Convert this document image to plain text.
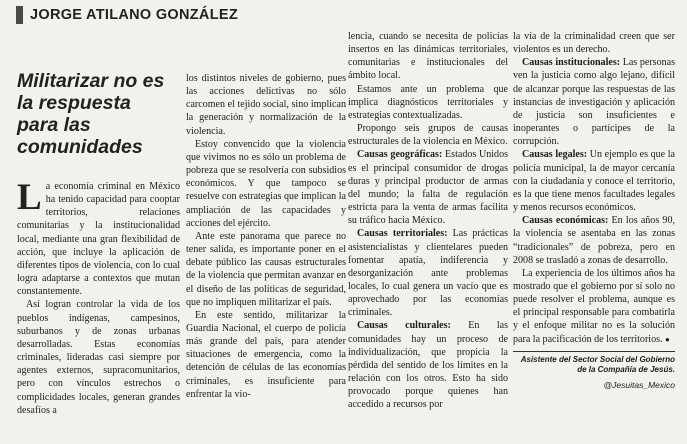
JORGE ATILANO GONZÁLEZ
Militarizar no es la respuesta para las comunidades

La economía criminal en México ha tenido capacidad para cooptar territorios, relaciones comunitarias y la institucionalidad local, mediante una gran flexibilidad de acción, que incluye la aplicación de diferentes tipos de violencia, con lo cual logra adaptarse a contextos que mutan constantemente.

Así logran controlar la vida de los pueblos indígenas, campesinos, suburbanos y de zonas urbanas desarrolladas. Estas economías criminales, lideradas casi siempre por agentes externos, supracomunitarios, pero con vínculos estrechos o complicidades locales, generan grandes desafíos a

los distintos niveles de gobierno, pues las acciones delictivas no sólo carcomen el tejido social, sino implican la generación y normalización de la violencia.

Estoy convencido que la violencia que vivimos no es sólo un problema de pobreza que se resolvería con subsidios económicos. Y que tampoco se resuelve con estrategias que implican la ampliación de las capacidades y acciones del ejército.

Ante este panorama que parece no tener salida, es importante poner en el debate público las causas estructurales de la violencia que permitan avanzar en el diseño de las políticas de seguridad, que no impliquen militarizar el país.

En este sentido, militarizar la Guardia Nacional, el cuerpo de policía más grande del país, para atender situaciones de emergencia, como la detención de células de las economías criminales, es insuficiente para enfrentar la vio-

lencia, cuando se necesita de policías insertos en las dinámicas territoriales, comunitarias e institucionales del ámbito local.

Estamos ante un problema que implica diagnósticos territoriales y estrategias contextualizadas.

Propongo seis grupos de causas estructurales de la violencia en México.

Causas geográficas: Estados Unidos es el principal consumidor de drogas duras y principal productor de armas del mundo; la falta de regulación estricta para la venta de armas facilita su tráfico hacia México.

Causas territoriales: Las prácticas asistencialistas y clientelares pueden fomentar apatía, indiferencia y desorganización ante problemas locales, lo cual genera un vacío que es aprovechado por las economías criminales.

Causas culturales: En las comunidades hay un proceso de individualización, que propicia la pérdida del sentido de los límites en la relación con los otros. Esto ha sido provocado porque quienes han accedido a recursos por

la vía de la criminalidad creen que ser violentos es un derecho.

Causas institucionales: Las personas ven la justicia como algo lejano, difícil de alcanzar porque las respuestas de las instancias de investigación y aplicación de justicia son insuficientes e inoperantes o partícipes de la corrupción.

Causas legales: Un ejemplo es que la policía municipal, la de mayor cercanía con la ciudadanía y conoce el territorio, es la que tiene menos facultades legales y menos recursos económicos.

Causas económicas: En los años 90, la violencia se asentaba en las zonas “tradicionales” de pobreza, pero en 2008 se trasladó a zonas de desarrollo.

La experiencia de los últimos años ha mostrado que el gobierno por sí solo no puede resolver el problema, aunque es el principal responsable para combatirla y el enfoque militar no es la solución para la pacificación de los territorios. ●

Asistente del Sector Social del Gobierno de la Compañía de Jesús.
@Jesuitas_Mexico
